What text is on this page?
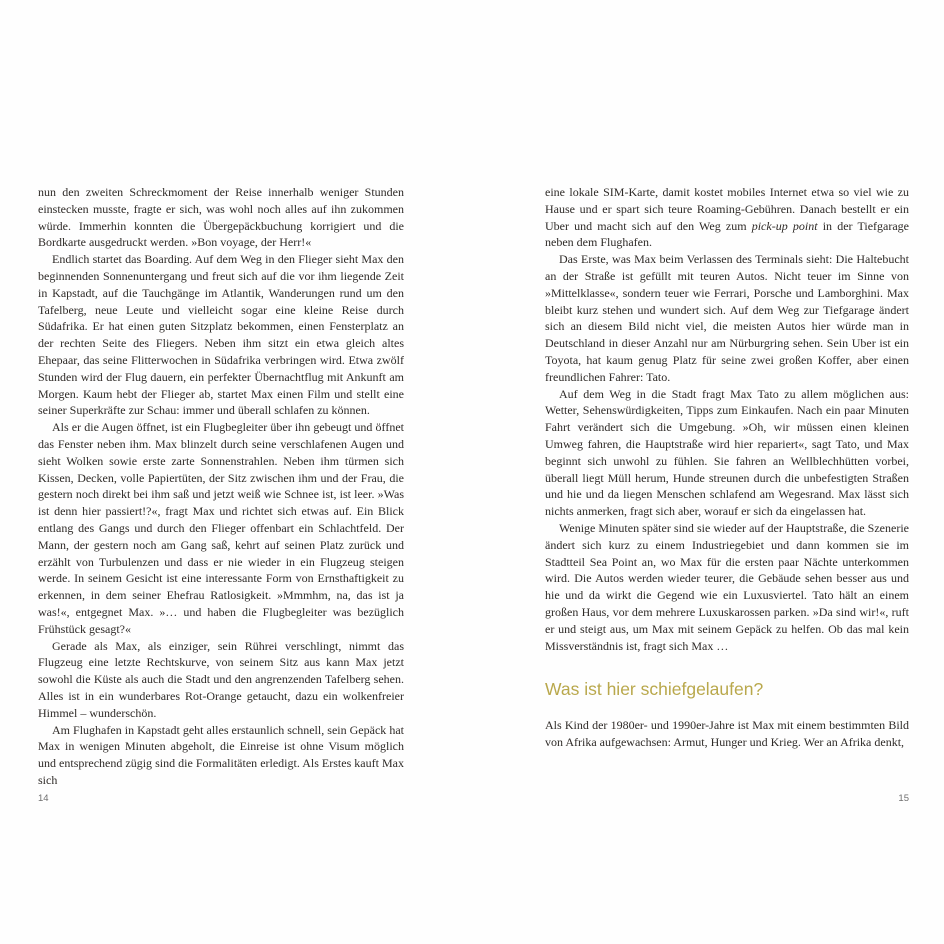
nun den zweiten Schreckmoment der Reise innerhalb weniger Stunden einstecken musste, fragte er sich, was wohl noch alles auf ihn zukommen würde. Immerhin konnten die Übergepäckbuchung korrigiert und die Bordkarte ausgedruckt werden. »Bon voyage, der Herr!«

Endlich startet das Boarding. Auf dem Weg in den Flieger sieht Max den beginnenden Sonnenuntergang und freut sich auf die vor ihm liegende Zeit in Kapstadt, auf die Tauchgänge im Atlantik, Wanderungen rund um den Tafelberg, neue Leute und vielleicht sogar eine kleine Reise durch Südafrika. Er hat einen guten Sitzplatz bekommen, einen Fensterplatz an der rechten Seite des Fliegers. Neben ihm sitzt ein etwa gleich altes Ehepaar, das seine Flitterwochen in Südafrika verbringen wird. Etwa zwölf Stunden wird der Flug dauern, ein perfekter Übernachtflug mit Ankunft am Morgen. Kaum hebt der Flieger ab, startet Max einen Film und stellt eine seiner Superkräfte zur Schau: immer und überall schlafen zu können.

Als er die Augen öffnet, ist ein Flugbegleiter über ihn gebeugt und öffnet das Fenster neben ihm. Max blinzelt durch seine verschlafenen Augen und sieht Wolken sowie erste zarte Sonnenstrahlen. Neben ihm türmen sich Kissen, Decken, volle Papiertüten, der Sitz zwischen ihm und der Frau, die gestern noch direkt bei ihm saß und jetzt weiß wie Schnee ist, ist leer. »Was ist denn hier passiert!?«, fragt Max und richtet sich etwas auf. Ein Blick entlang des Gangs und durch den Flieger offenbart ein Schlachtfeld. Der Mann, der gestern noch am Gang saß, kehrt auf seinen Platz zurück und erzählt von Turbulenzen und dass er nie wieder in ein Flugzeug steigen werde. In seinem Gesicht ist eine interessante Form von Ernsthaftigkeit zu erkennen, in dem seiner Ehefrau Ratlosigkeit. »Mmmhm, na, das ist ja was!«, entgegnet Max. »… und haben die Flugbegleiter was bezüglich Frühstück gesagt?«

Gerade als Max, als einziger, sein Rührei verschlingt, nimmt das Flugzeug eine letzte Rechtskurve, von seinem Sitz aus kann Max jetzt sowohl die Küste als auch die Stadt und den angrenzenden Tafelberg sehen. Alles ist in ein wunderbares Rot-Orange getaucht, dazu ein wolkenfreier Himmel – wunderschön.

Am Flughafen in Kapstadt geht alles erstaunlich schnell, sein Gepäck hat Max in wenigen Minuten abgeholt, die Einreise ist ohne Visum möglich und entsprechend zügig sind die Formalitäten erledigt. Als Erstes kauft Max sich

eine lokale SIM-Karte, damit kostet mobiles Internet etwa so viel wie zu Hause und er spart sich teure Roaming-Gebühren. Danach bestellt er ein Uber und macht sich auf den Weg zum pick-up point in der Tiefgarage neben dem Flughafen.

Das Erste, was Max beim Verlassen des Terminals sieht: Die Haltebucht an der Straße ist gefüllt mit teuren Autos. Nicht teuer im Sinne von »Mittelklasse«, sondern teuer wie Ferrari, Porsche und Lamborghini. Max bleibt kurz stehen und wundert sich. Auf dem Weg zur Tiefgarage ändert sich an diesem Bild nicht viel, die meisten Autos hier würde man in Deutschland in dieser Anzahl nur am Nürburgring sehen. Sein Uber ist ein Toyota, hat kaum genug Platz für seine zwei großen Koffer, aber einen freundlichen Fahrer: Tato.

Auf dem Weg in die Stadt fragt Max Tato zu allem möglichen aus: Wetter, Sehenswürdigkeiten, Tipps zum Einkaufen. Nach ein paar Minuten Fahrt verändert sich die Umgebung. »Oh, wir müssen einen kleinen Umweg fahren, die Hauptstraße wird hier repariert«, sagt Tato, und Max beginnt sich unwohl zu fühlen. Sie fahren an Wellblechhütten vorbei, überall liegt Müll herum, Hunde streunen durch die unbefestigten Straßen und hie und da liegen Menschen schlafend am Wegesrand. Max lässt sich nichts anmerken, fragt sich aber, worauf er sich da eingelassen hat.

Wenige Minuten später sind sie wieder auf der Hauptstraße, die Szenerie ändert sich kurz zu einem Industriegebiet und dann kommen sie im Stadtteil Sea Point an, wo Max für die ersten paar Nächte unterkommen wird. Die Autos werden wieder teurer, die Gebäude sehen besser aus und hie und da wirkt die Gegend wie ein Luxusviertel. Tato hält an einem großen Haus, vor dem mehrere Luxuskarossen parken. »Da sind wir!«, ruft er und steigt aus, um Max mit seinem Gepäck zu helfen. Ob das mal kein Missverständnis ist, fragt sich Max …

Was ist hier schiefgelaufen?

Als Kind der 1980er- und 1990er-Jahre ist Max mit einem bestimmten Bild von Afrika aufgewachsen: Armut, Hunger und Krieg. Wer an Afrika denkt,

14	15
